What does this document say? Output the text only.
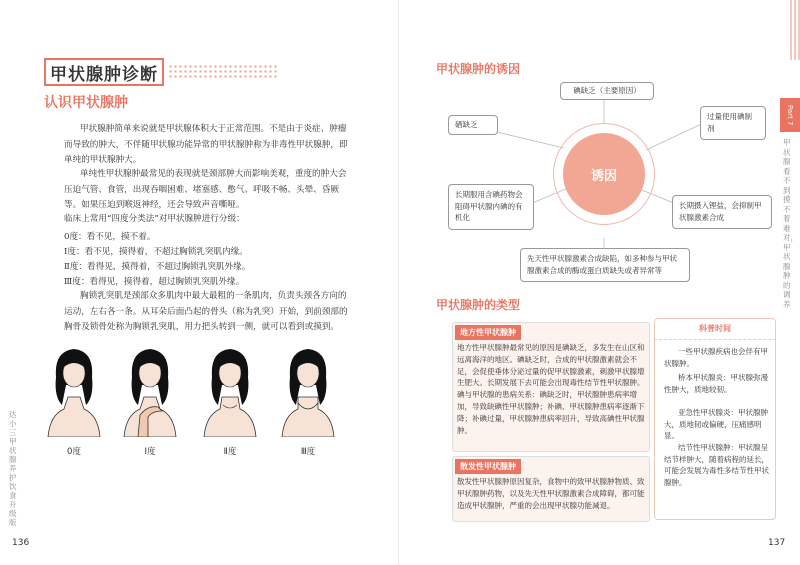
甲状腺肿诊断
认识甲状腺肿
甲状腺肿简单来说就是甲状腺体积大于正常范围。不是由于炎症、肿瘤而导致的肿大，不伴随甲状腺功能异常的甲状腺肿称为非毒性甲状腺肿，即单纯的甲状腺肿大。
单纯性甲状腺肿最常见的表现就是颈部肿大而影响美观，重度的肿大会压迫气管、食管，出现吞咽困难、堵塞感、憋气、呼吸不畅、头晕、昏厥等。如果压迫到喉返神经，还会导致声音嘶哑。
临床上常用“四度分类法”对甲状腺肿进行分级：
0度：看不见，摸不着。
Ⅰ度：看不见，摸得着，不超过胸锁乳突肌内缘。
Ⅱ度：看得见，摸得着，不超过胸锁乳突肌外缘。
Ⅲ度：看得见，摸得着，超过胸锁乳突肌外缘。
胸锁乳突肌是颈部众多肌肉中最大最粗的一条肌肉，负责头颈各方向的运动，左右各一条。从耳朵后面凸起的骨头（称为乳突）开始，到前颈部的胸骨及锁骨处称为胸锁乳突肌，用力把头转到一侧，就可以看到或摸到。
0度	Ⅰ度	Ⅱ度	Ⅲ度
达小三甲状腺养护饮食升级版
136
甲状腺肿的诱因
诱因
碘缺乏（主要原因）
硒缺乏
过量使用碘制剂
长期服用含碘药物会阻碍甲状腺内碘的有机化
长期摄入锂盐，会抑制甲状腺激素合成
先天性甲状腺激素合成缺陷，如多种参与甲状腺激素合成的酶或蛋白质缺失或者异常等
甲状腺肿的类型
地方性甲状腺肿
地方性甲状腺肿最常见的原因是碘缺乏，多发生在山区和远离海洋的地区。碘缺乏时，合成的甲状腺激素就会不足，会促使垂体分泌过量的促甲状腺激素，刺激甲状腺增生肥大。长期发展下去可能会出现毒性结节性甲状腺肿。碘与甲状腺的患病关系：碘缺乏时，甲状腺肿患病率增加，导致缺碘性甲状腺肿；补碘、甲状腺肿患病率逐渐下降；补碘过量，甲状腺肿患病率回升，导致高碘性甲状腺肿。
散发性甲状腺肿
散发性甲状腺肿原因复杂，食物中的致甲状腺肿物质、致甲状腺肿药物，以及先天性甲状腺激素合成障碍，都可能造成甲状腺肿，严重的会出现甲状腺功能减退。
科普时间
一些甲状腺疾病也会伴有甲状腺肿。
桥本甲状腺炎：甲状腺弥漫性肿大，质地较韧。
亚急性甲状腺炎：甲状腺肿大，质地韧或偏硬，压痛感明显。
结节性甲状腺肿：甲状腺呈结节样肿大，随着病程的延长，可能会发展为毒性多结节性甲状腺肿。
Part 7
甲状腺看不到摸不着难对，甲状腺肿的调养
137
